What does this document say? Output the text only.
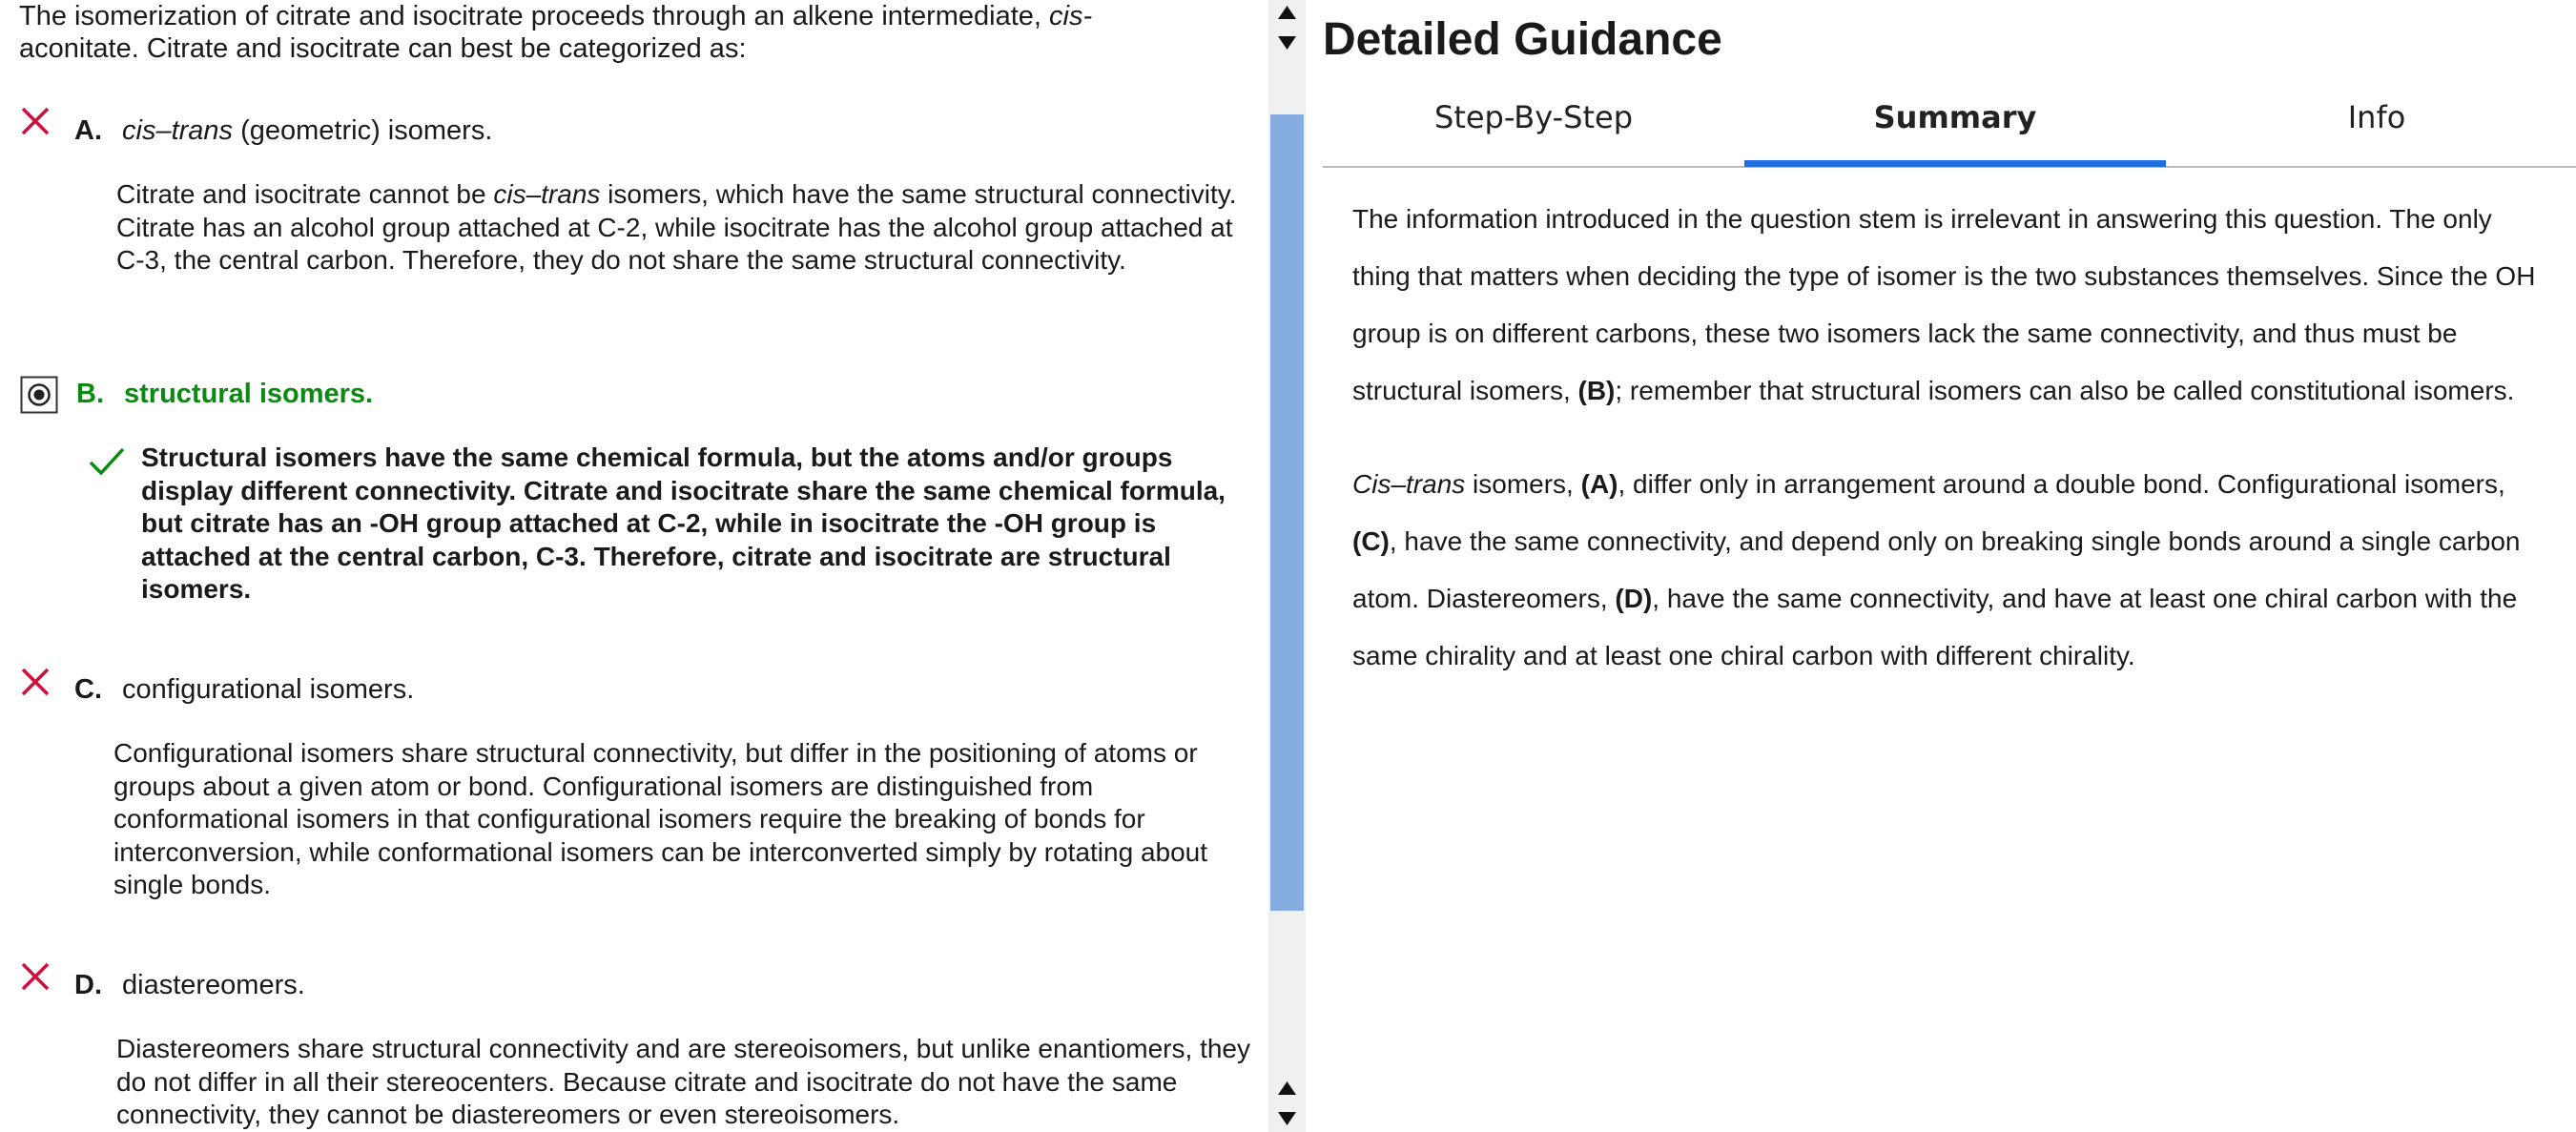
The isomerization of citrate and isocitrate proceeds through an alkene intermediate, cis-
aconitate. Citrate and isocitrate can best be categorized as:
A. cis–trans (geometric) isomers.
Citrate and isocitrate cannot be cis–trans isomers, which have the same structural connectivity. Citrate has an alcohol group attached at C-2, while isocitrate has the alcohol group attached at C-3, the central carbon. Therefore, they do not share the same structural connectivity.
B. structural isomers.
Structural isomers have the same chemical formula, but the atoms and/or groups display different connectivity. Citrate and isocitrate share the same chemical formula, but citrate has an -OH group attached at C-2, while in isocitrate the -OH group is attached at the central carbon, C-3. Therefore, citrate and isocitrate are structural isomers.
C. configurational isomers.
Configurational isomers share structural connectivity, but differ in the positioning of atoms or groups about a given atom or bond. Configurational isomers are distinguished from conformational isomers in that configurational isomers require the breaking of bonds for interconversion, while conformational isomers can be interconverted simply by rotating about single bonds.
D. diastereomers.
Diastereomers share structural connectivity and are stereoisomers, but unlike enantiomers, they do not differ in all their stereocenters. Because citrate and isocitrate do not have the same connectivity, they cannot be diastereomers or even stereoisomers.
Detailed Guidance
Step-By-Step	Summary	Info

The information introduced in the question stem is irrelevant in answering this question. The only thing that matters when deciding the type of isomer is the two substances themselves. Since the OH group is on different carbons, these two isomers lack the same connectivity, and thus must be structural isomers, (B); remember that structural isomers can also be called constitutional isomers.

Cis–trans isomers, (A), differ only in arrangement around a double bond. Configurational isomers, (C), have the same connectivity, and depend only on breaking single bonds around a single carbon atom. Diastereomers, (D), have the same connectivity, and have at least one chiral carbon with the same chirality and at least one chiral carbon with different chirality.
